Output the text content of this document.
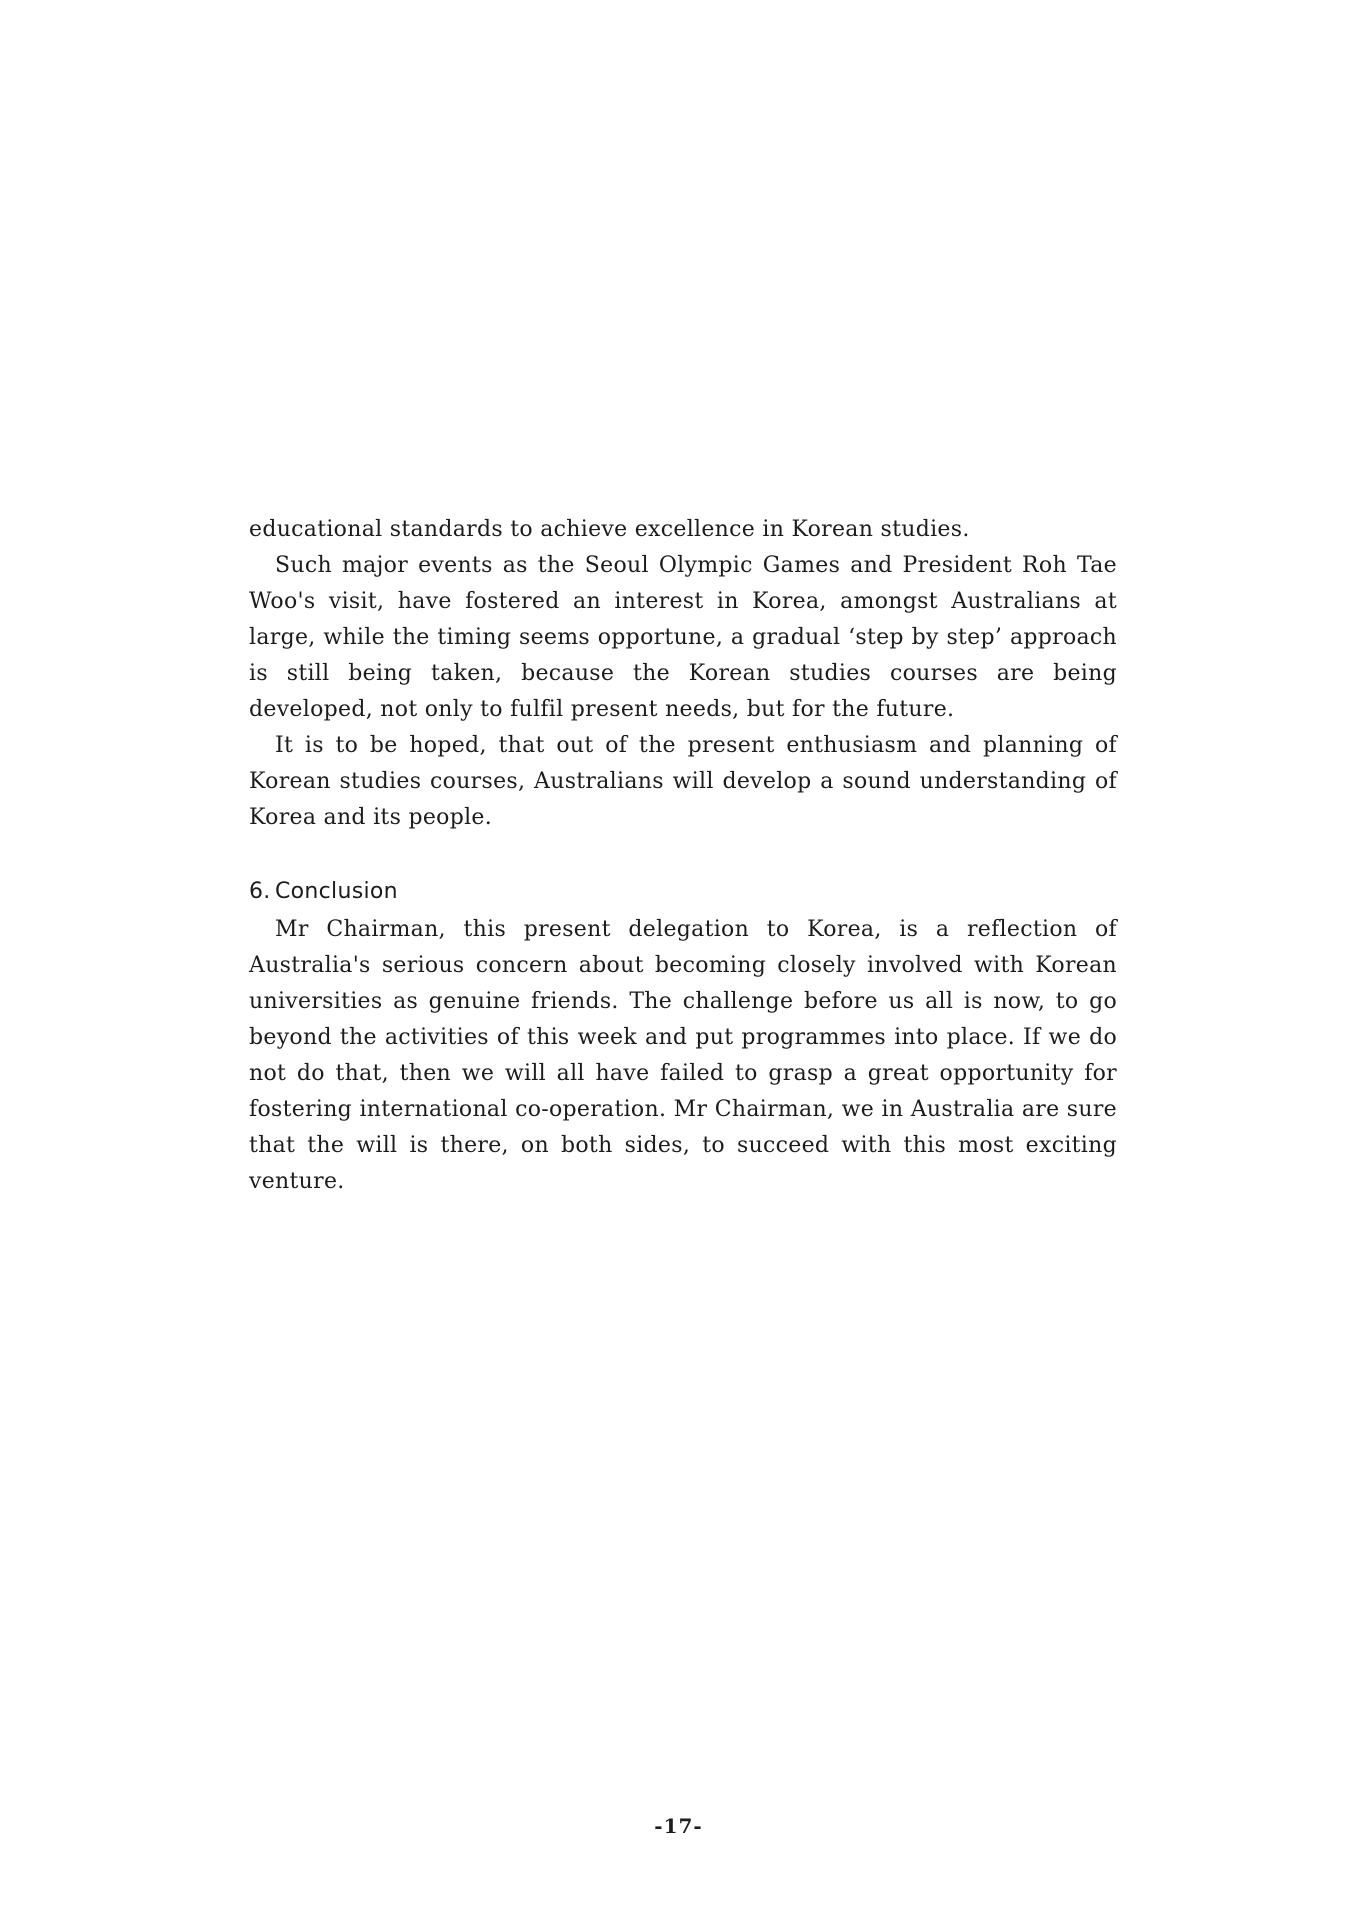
educational standards to achieve excellence in Korean studies.

Such major events as the Seoul Olympic Games and President Roh Tae Woo's visit, have fostered an interest in Korea, amongst Australians at large, while the timing seems opportune, a gradual ‘step by step’ approach is still being taken, because the Korean studies courses are being developed, not only to fulfil present needs, but for the future.

It is to be hoped, that out of the present enthusiasm and planning of Korean studies courses, Australians will develop a sound understanding of Korea and its people.

6. Conclusion

Mr Chairman, this present delegation to Korea, is a reflection of Australia's serious concern about becoming closely involved with Korean universities as genuine friends. The challenge before us all is now, to go beyond the activities of this week and put programmes into place. If we do not do that, then we will all have failed to grasp a great opportunity for fostering international co-operation. Mr Chairman, we in Australia are sure that the will is there, on both sides, to succeed with this most exciting venture.

-17-
